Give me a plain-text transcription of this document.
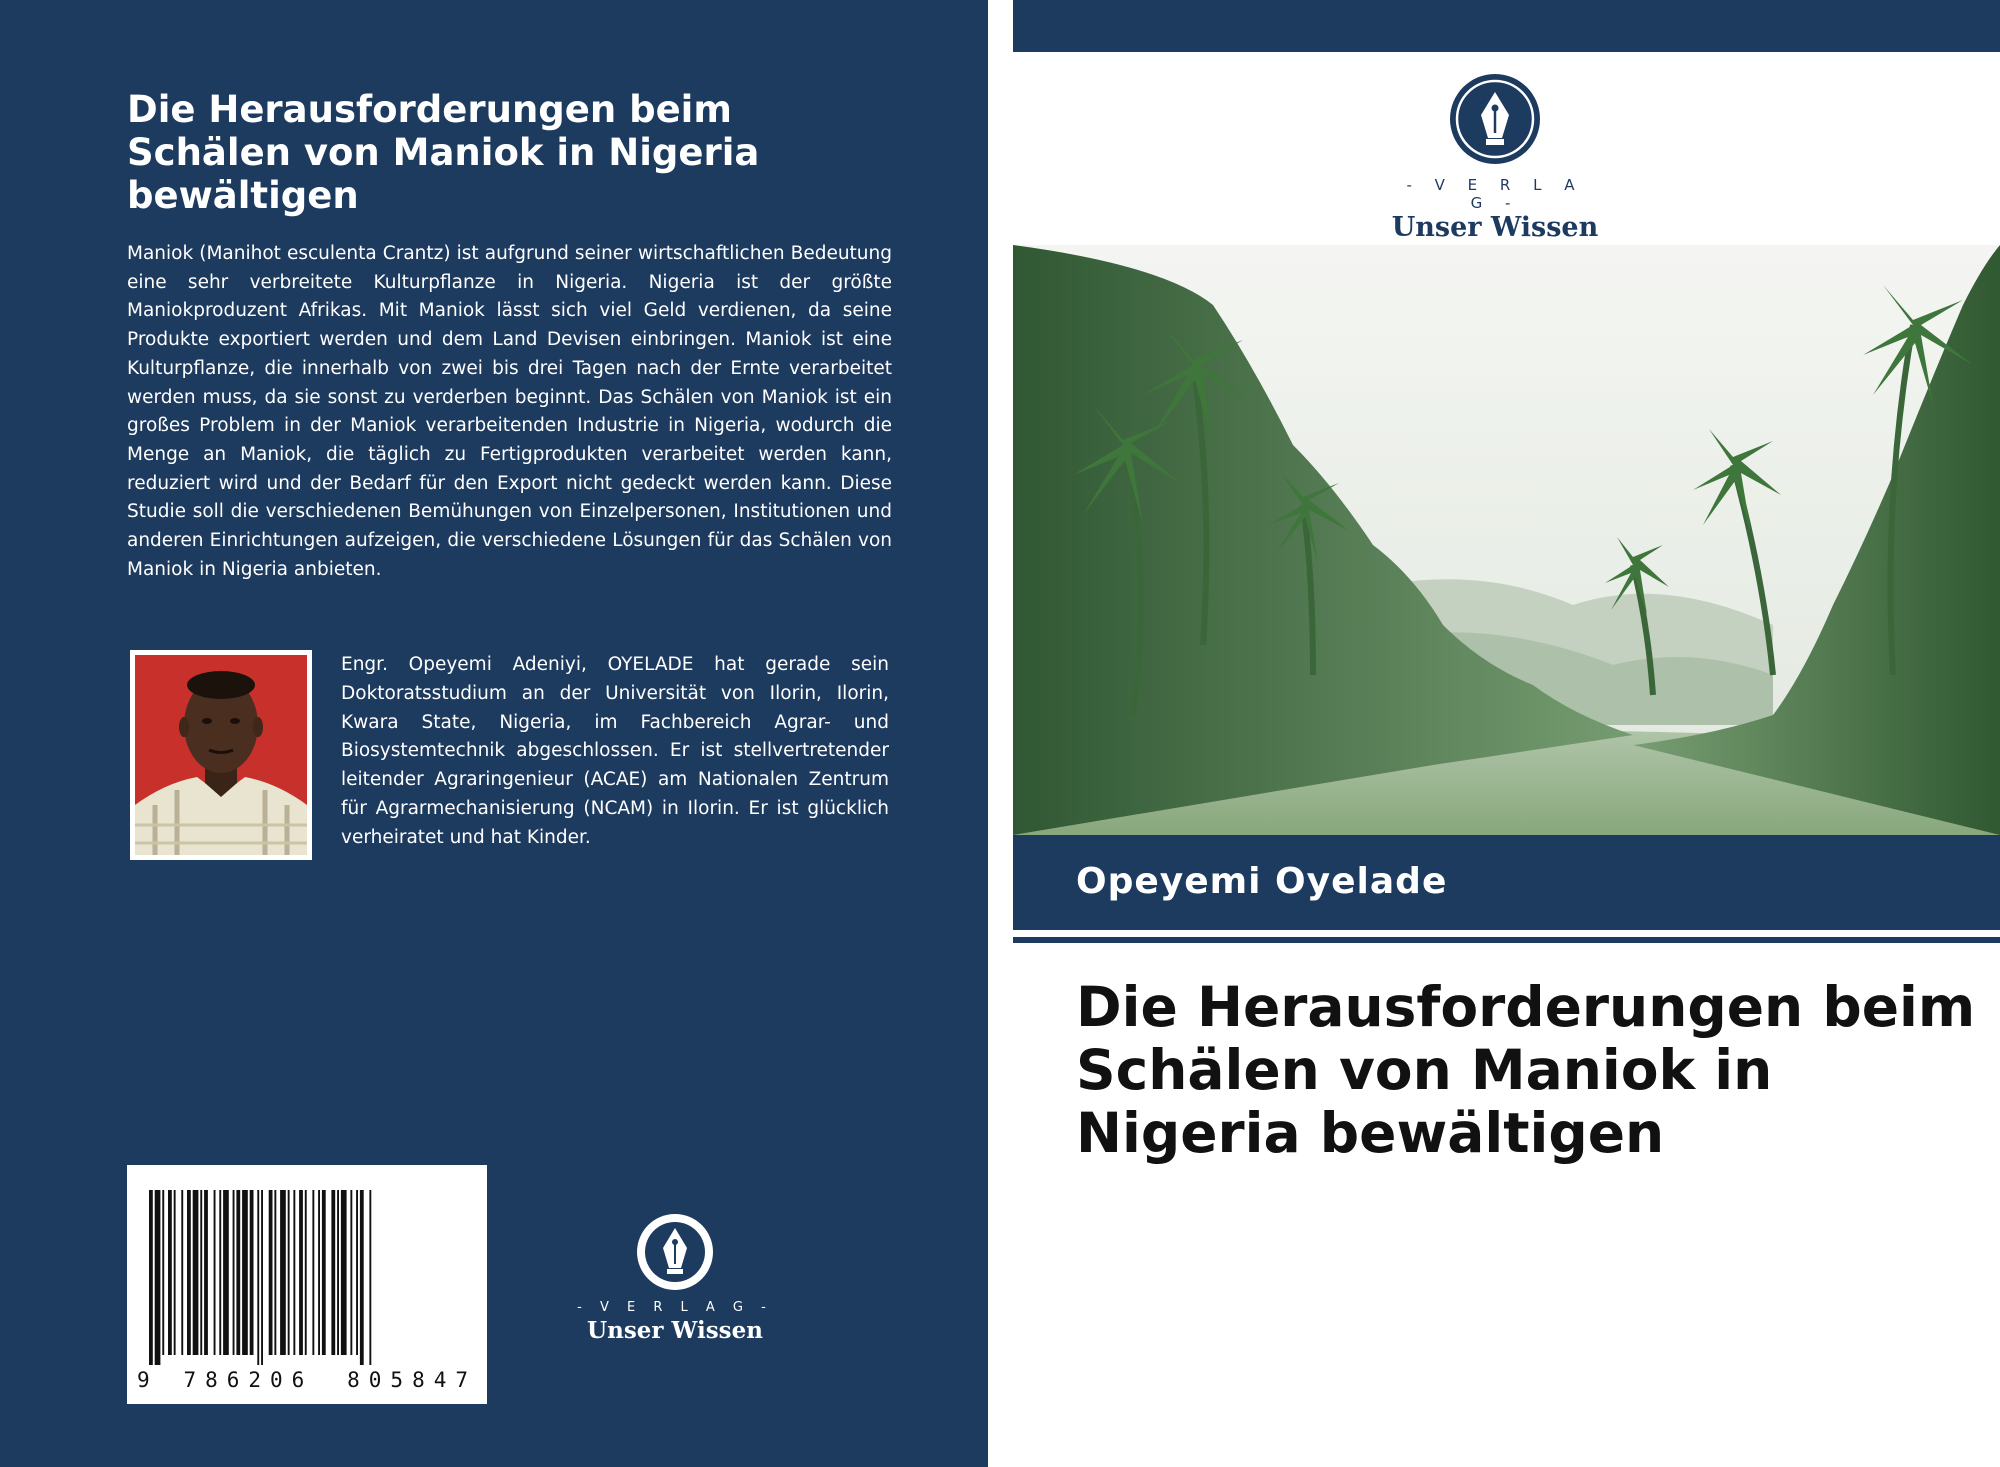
Die Herausforderungen beim Schälen von Maniok in Nigeria bewältigen

Maniok (Manihot esculenta Crantz) ist aufgrund seiner wirtschaftlichen Bedeutung eine sehr verbreitete Kulturpflanze in Nigeria. Nigeria ist der größte Maniokproduzent Afrikas. Mit Maniok lässt sich viel Geld verdienen, da seine Produkte exportiert werden und dem Land Devisen einbringen. Maniok ist eine Kulturpflanze, die innerhalb von zwei bis drei Tagen nach der Ernte verarbeitet werden muss, da sie sonst zu verderben beginnt. Das Schälen von Maniok ist ein großes Problem in der Maniok verarbeitenden Industrie in Nigeria, wodurch die Menge an Maniok, die täglich zu Fertigprodukten verarbeitet werden kann, reduziert wird und der Bedarf für den Export nicht gedeckt werden kann. Diese Studie soll die verschiedenen Bemühungen von Einzelpersonen, Institutionen und anderen Einrichtungen aufzeigen, die verschiedene Lösungen für das Schälen von Maniok in Nigeria anbieten.

Engr. Opeyemi Adeniyi, OYELADE hat gerade sein Doktoratsstudium an der Universität von Ilorin, Ilorin, Kwara State, Nigeria, im Fachbereich Agrar- und Biosystemtechnik abgeschlossen. Er ist stellvertretender leitender Agraringenieur (ACAE) am Nationalen Zentrum für Agrarmechanisierung (NCAM) in Ilorin. Er ist glücklich verheiratet und hat Kinder.

9 786206 805847
- V E R L A G -
Unser Wissen
- V E R L A G -
Unser Wissen
Opeyemi Oyelade
Die Herausforderungen beim Schälen von Maniok in Nigeria bewältigen
